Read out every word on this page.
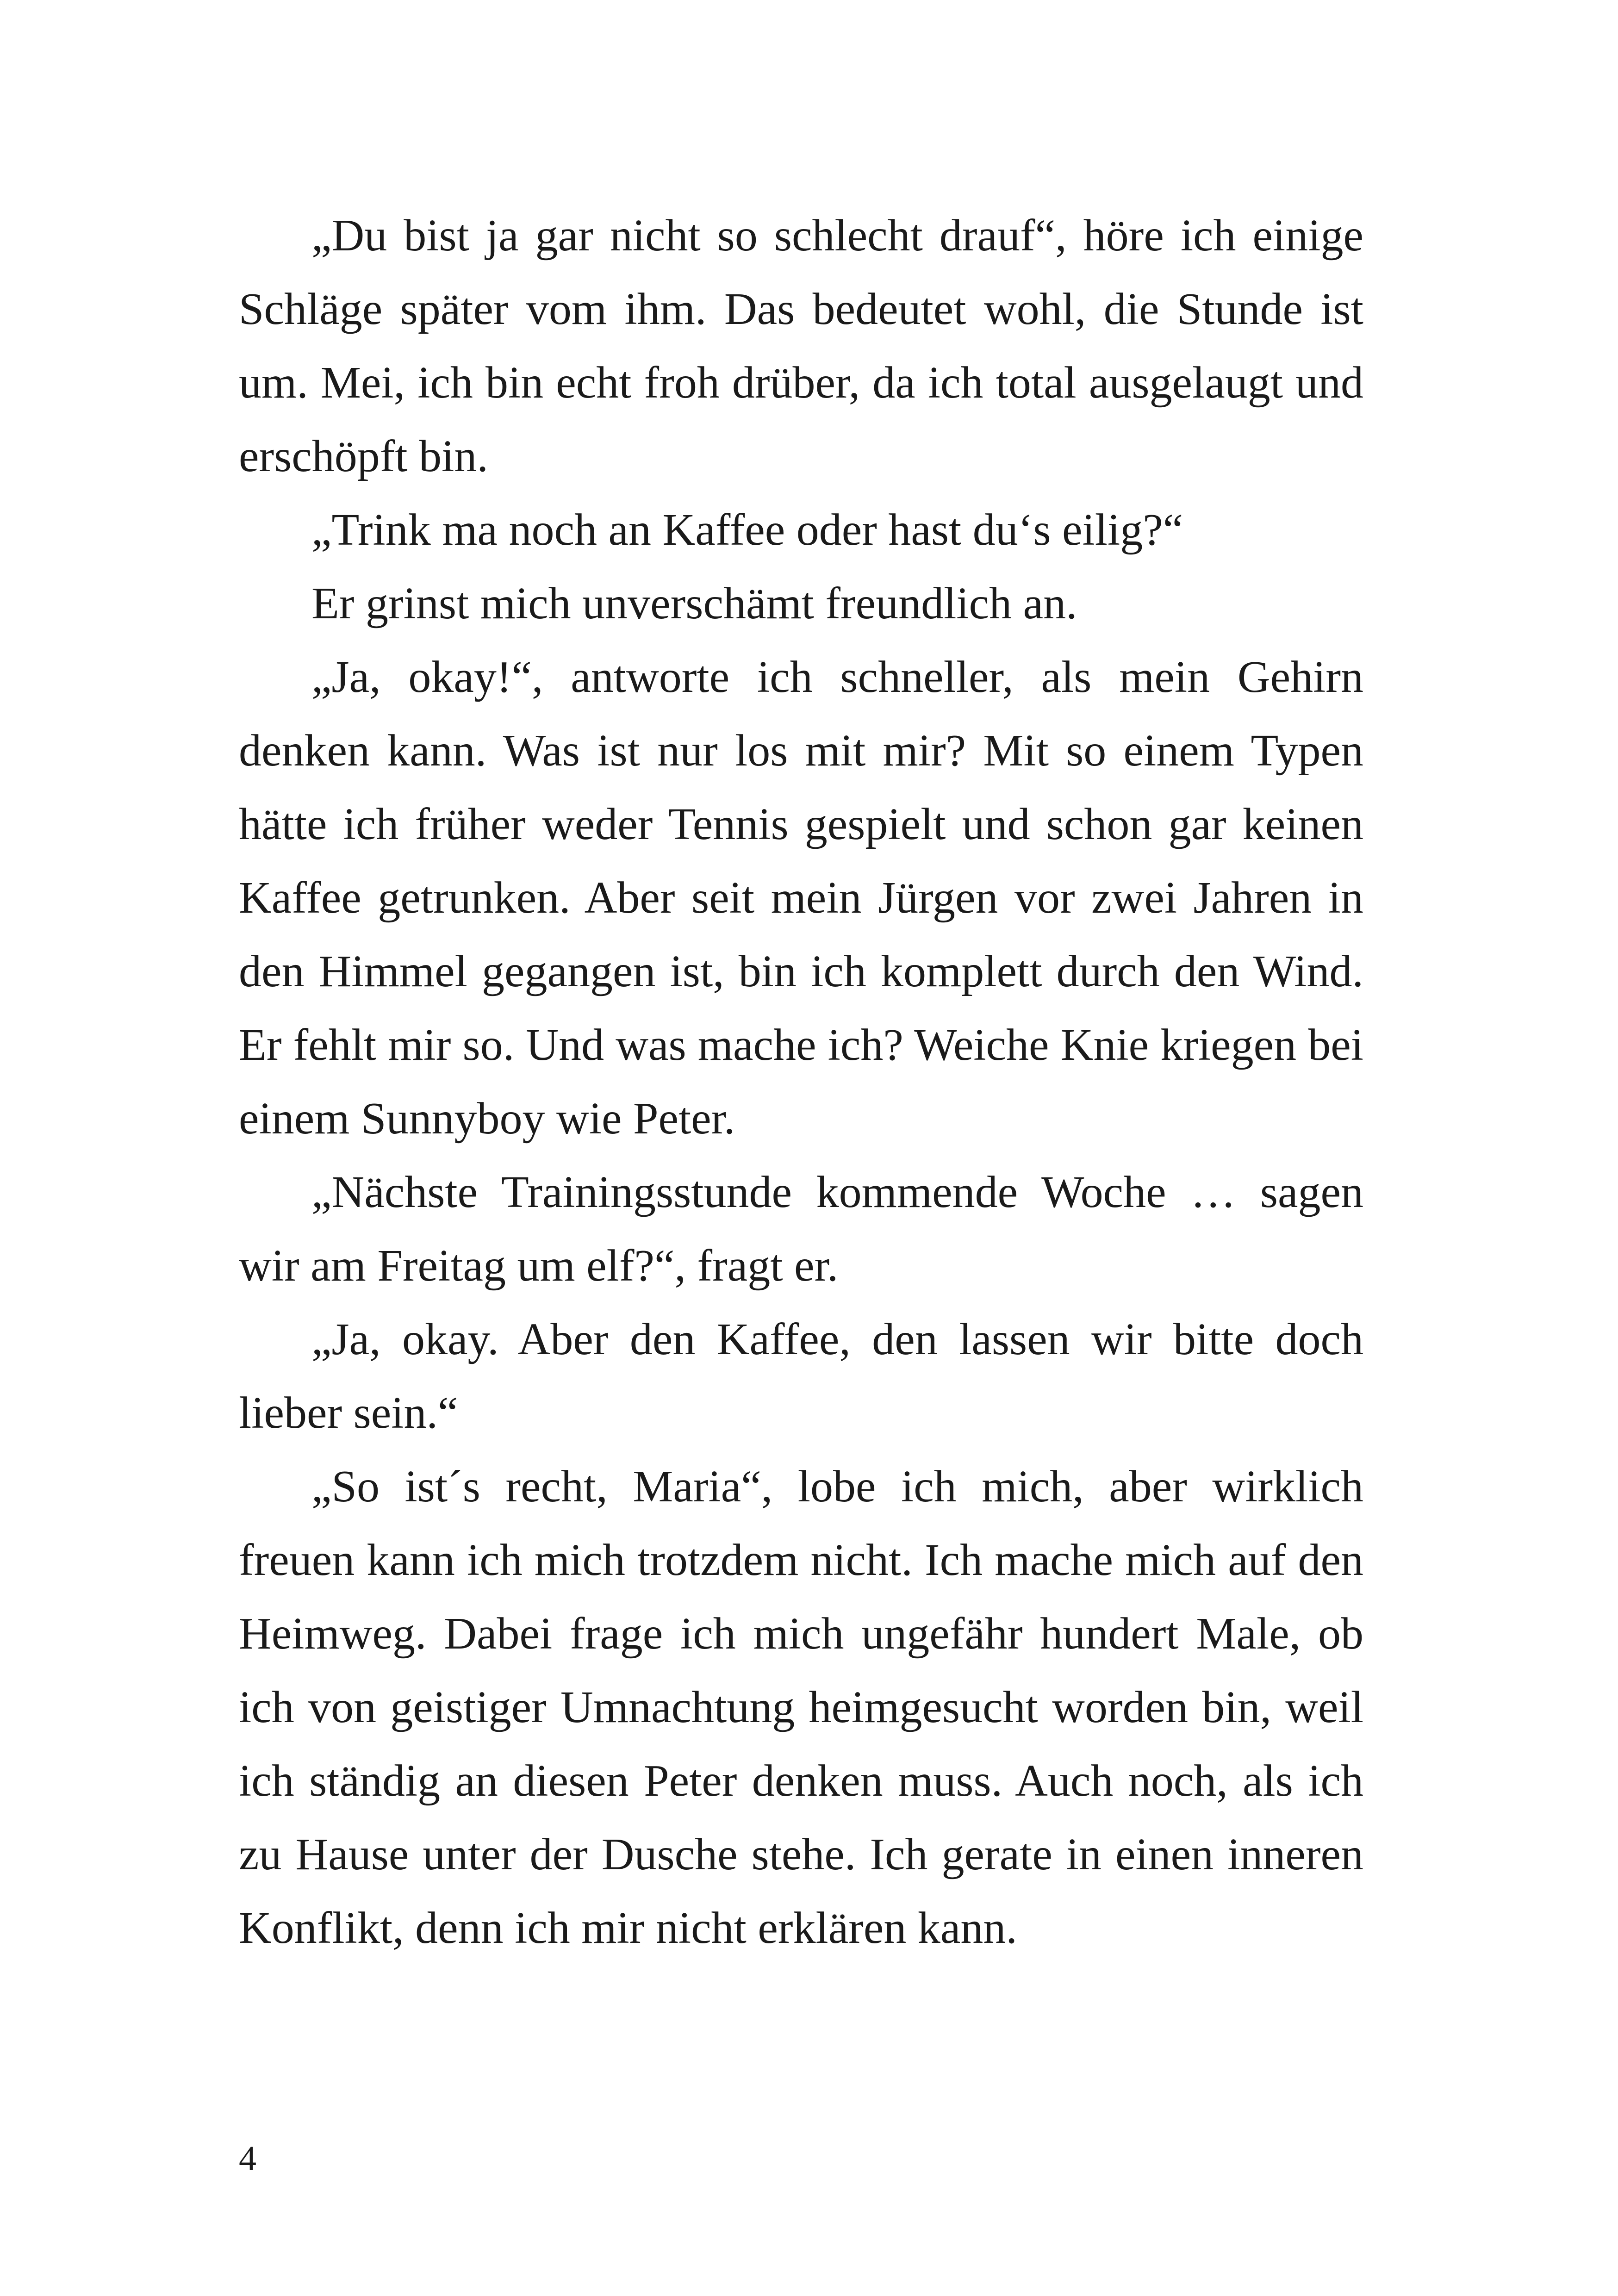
„Du bist ja gar nicht so schlecht drauf“, höre ich einige Schläge später vom ihm. Das bedeutet wohl, die Stunde ist um. Mei, ich bin echt froh drüber, da ich total ausgelaugt und erschöpft bin.

„Trink ma noch an Kaffee oder hast du‘s eilig?“

Er grinst mich unverschämt freundlich an.

„Ja, okay!“, antworte ich schneller, als mein Gehirn denken kann. Was ist nur los mit mir? Mit so einem Typen hätte ich früher weder Tennis gespielt und schon gar keinen Kaffee getrunken. Aber seit mein Jürgen vor zwei Jahren in den Himmel gegangen ist, bin ich komplett durch den Wind. Er fehlt mir so. Und was mache ich? Weiche Knie kriegen bei einem Sunnyboy wie Peter.

„Nächste Trainingsstunde kommende Woche … sagen wir am Freitag um elf?“, fragt er.

„Ja, okay. Aber den Kaffee, den lassen wir bitte doch lieber sein.“

„So ist´s recht, Maria“, lobe ich mich, aber wirklich freuen kann ich mich trotzdem nicht. Ich mache mich auf den Heimweg. Dabei frage ich mich ungefähr hundert Male, ob ich von geistiger Umnachtung heimgesucht worden bin, weil ich ständig an diesen Peter denken muss. Auch noch, als ich zu Hause unter der Dusche stehe. Ich gerate in einen inneren Konflikt, denn ich mir nicht erklären kann.

4
